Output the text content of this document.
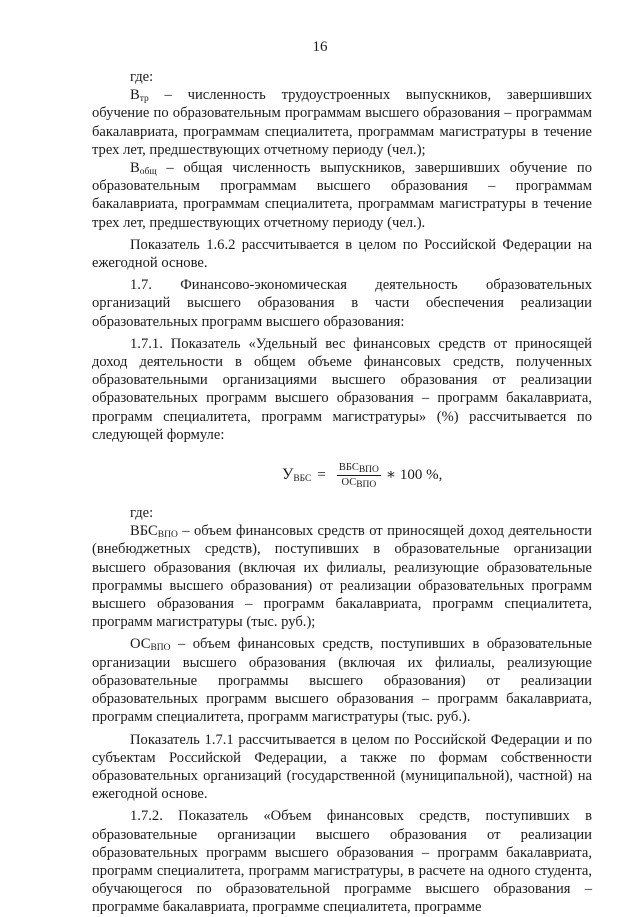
16

где:

$В_{тр}$ – численность трудоустроенных выпускников, завершивших обучение по образовательным программам высшего образования – программам бакалавриата, программам специалитета, программам магистратуры в течение трех лет, предшествующих отчетному периоду (чел.);

$В_{общ}$ – общая численность выпускников, завершивших обучение по образовательным программам высшего образования – программам бакалавриата, программам специалитета, программам магистратуры в течение трех лет, предшествующих отчетному периоду (чел.).

Показатель 1.6.2 рассчитывается в целом по Российской Федерации на ежегодной основе.

1.7. Финансово-экономическая деятельность образовательных организаций высшего образования в части обеспечения реализации образовательных программ высшего образования:

1.7.1. Показатель «Удельный вес финансовых средств от приносящей доход деятельности в общем объеме финансовых средств, полученных образовательными организациями высшего образования от реализации образовательных программ высшего образования – программ бакалавриата, программ специалитета, программ магистратуры» (%) рассчитывается по следующей формуле:

$У_{ВБС} = \frac{ВБС_{ВПО}}{ОС_{ВПО}}$ ∗ 100 %,

где:

$ВБС_{ВПО}$ – объем финансовых средств от приносящей доход деятельности (внебюджетных средств), поступивших в образовательные организации высшего образования (включая их филиалы, реализующие образовательные программы высшего образования) от реализации образовательных программ высшего образования – программ бакалавриата, программ специалитета, программ магистратуры (тыс. руб.);

$ОС_{ВПО}$ – объем финансовых средств, поступивших в образовательные организации высшего образования (включая их филиалы, реализующие образовательные программы высшего образования) от реализации образовательных программ высшего образования – программ бакалавриата, программ специалитета, программ магистратуры (тыс. руб.).

Показатель 1.7.1 рассчитывается в целом по Российской Федерации и по субъектам Российской Федерации, а также по формам собственности образовательных организаций (государственной (муниципальной), частной) на ежегодной основе.

1.7.2. Показатель «Объем финансовых средств, поступивших в образовательные организации высшего образования от реализации образовательных программ высшего образования – программ бакалавриата, программ специалитета, программ магистратуры, в расчете на одного студента, обучающегося по образовательной программе высшего образования – программе бакалавриата, программе специалитета, программе
